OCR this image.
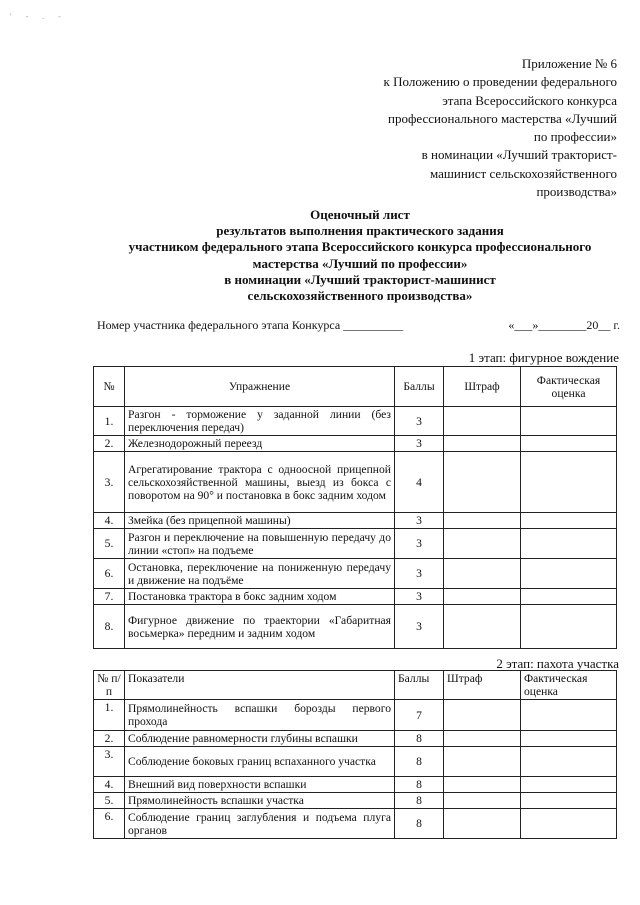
' - . -
Приложение № 6
к Положению о проведении федерального
этапа Всероссийского конкурса
профессионального мастерства «Лучший
по профессии»
в номинации «Лучший тракторист-
машинист сельскохозяйственного
производства»
Оценочный лист
результатов выполнения практического задания
участником федерального этапа Всероссийского конкурса профессионального
мастерства «Лучший по профессии»
в номинации «Лучший тракторист-машинист
сельскохозяйственного производства»
Номер участника федерального этапа Конкурса __________	«___»________20__ г.
1 этап: фигурное вождение
№	Упражнение	Баллы	Штраф	Фактическая оценка
1.	Разгон - торможение у заданной линии (без переключения передач)	3		
2.	Железнодорожный переезд	3		
3.	Агрегатирование трактора с одноосной прицепной сельскохозяйственной машины, выезд из бокса с поворотом на 90° и постановка в бокс задним ходом	4		
4.	Змейка (без прицепной машины)	3		
5.	Разгон и переключение на повышенную передачу до линии «стоп» на подъеме	3		
6.	Остановка, переключение на пониженную передачу и движение на подъёме	3		
7.	Постановка трактора в бокс задним ходом	3		
8.	Фигурное движение по траектории «Габаритная восьмерка» передним и задним ходом	3		
2 этап: пахота участка
№ п/п	Показатели	Баллы	Штраф	Фактическая оценка
1.	Прямолинейность вспашки борозды первого прохода	7		
2.	Соблюдение равномерности глубины вспашки	8		
3.	Соблюдение боковых границ вспаханного участка	8		
4.	Внешний вид поверхности вспашки	8		
5.	Прямолинейность вспашки участка	8		
6.	Соблюдение границ заглубления и подъема плуга органов	8		
